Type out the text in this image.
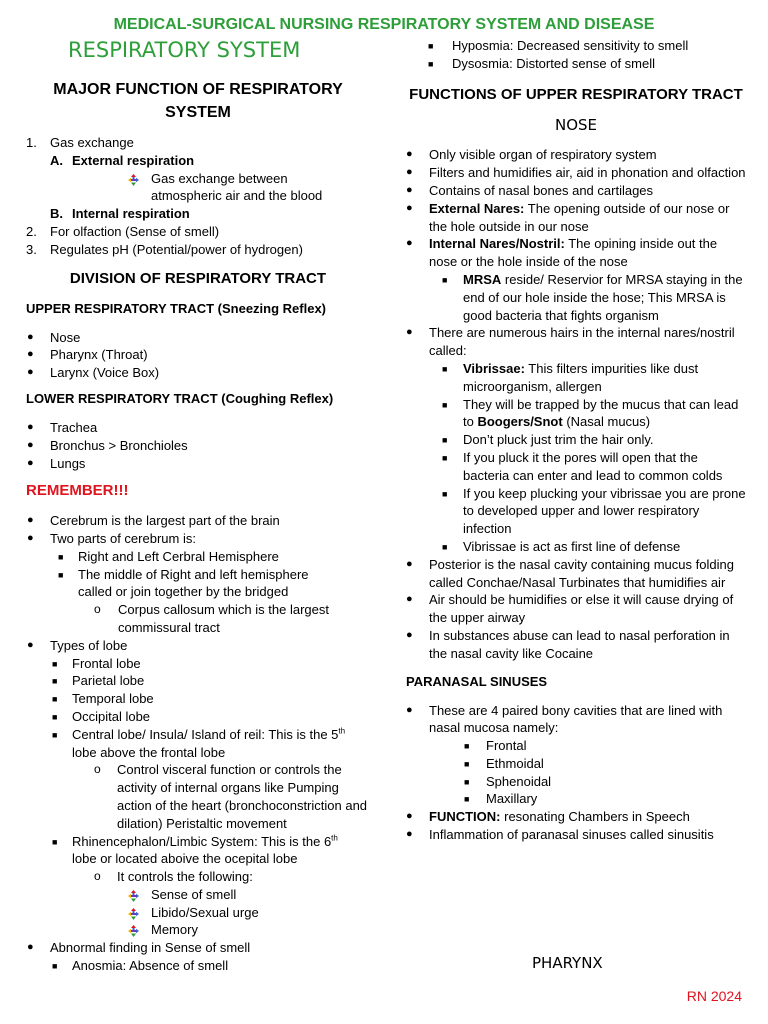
MEDICAL-SURGICAL NURSING RESPIRATORY SYSTEM AND DISEASE
RESPIRATORY SYSTEM
MAJOR FUNCTION OF RESPIRATORY SYSTEM
1. Gas exchange
A. External respiration
Gas exchange between atmospheric air and the blood
B. Internal respiration
2. For olfaction (Sense of smell)
3. Regulates pH (Potential/power of hydrogen)
DIVISION OF RESPIRATORY TRACT
UPPER RESPIRATORY TRACT (Sneezing Reflex)
● Nose
● Pharynx (Throat)
● Larynx (Voice Box)
LOWER RESPIRATORY TRACT (Coughing Reflex)
● Trachea
● Bronchus > Bronchioles
● Lungs
REMEMBER!!!
● Cerebrum is the largest part of the brain
● Two parts of cerebrum is:
■ Right and Left Cerbral Hemisphere
■ The middle of Right and left hemisphere called or join together by the bridged
o Corpus callosum which is the largest commissural tract
● Types of lobe
■ Frontal lobe
■ Parietal lobe
■ Temporal lobe
■ Occipital lobe
■ Central lobe/ Insula/ Island of reil: This is the 5th lobe above the frontal lobe
o Control visceral function or controls the activity of internal organs like Pumping action of the heart (bronchoconstriction and dilation) Peristaltic movement
■ Rhinencephalon/Limbic System: This is the 6th lobe or located aboive the ocepital lobe
o It controls the following:
Sense of smell
Libido/Sexual urge
Memory
● Abnormal finding in Sense of smell
■ Anosmia: Absence of smell
■ Hyposmia: Decreased sensitivity to smell
■ Dysosmia: Distorted sense of smell
FUNCTIONS OF UPPER RESPIRATORY TRACT
NOSE
● Only visible organ of respiratory system
● Filters and humidifies air, aid in phonation and olfaction
● Contains of nasal bones and cartilages
● External Nares: The opening outside of our nose or the hole outside in our nose
● Internal Nares/Nostril: The opining inside out the nose or the hole inside of the nose
■ MRSA reside/ Reservior for MRSA staying in the end of our hole inside the hose; This MRSA is good bacteria that fights organism
● There are numerous hairs in the internal nares/nostril called:
■ Vibrissae: This filters impurities like dust microorganism, allergen
■ They will be trapped by the mucus that can lead to Boogers/Snot (Nasal mucus)
■ Don’t pluck just trim the hair only.
■ If you pluck it the pores will open that the bacteria can enter and lead to common colds
■ If you keep plucking your vibrissae you are prone to developed upper and lower respiratory infection
■ Vibrissae is act as first line of defense
● Posterior is the nasal cavity containing mucus folding called Conchae/Nasal Turbinates that humidifies air
● Air should be humidifies or else it will cause drying of the upper airway
● In substances abuse can lead to nasal perforation in the nasal cavity like Cocaine
PARANASAL SINUSES
● These are 4 paired bony cavities that are lined with nasal mucosa namely:
■ Frontal
■ Ethmoidal
■ Sphenoidal
■ Maxillary
● FUNCTION: resonating Chambers in Speech
● Inflammation of paranasal sinuses called sinusitis
PHARYNX
RN 2024
